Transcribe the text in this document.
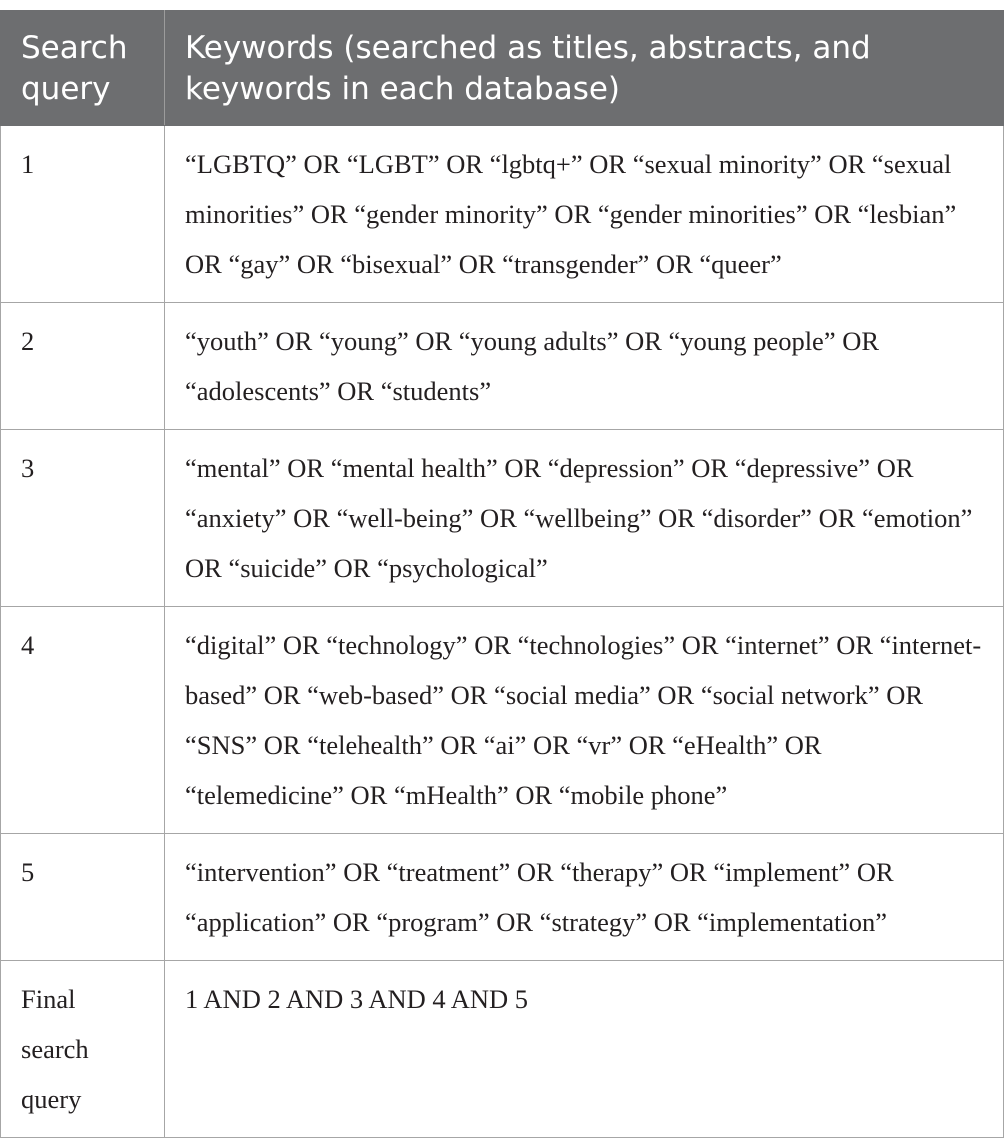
Search query	Keywords (searched as titles, abstracts, and keywords in each database)
1	“LGBTQ” OR “LGBT” OR “lgbtq+” OR “sexual minority” OR “sexual minorities” OR “gender minority” OR “gender minorities” OR “lesbian” OR “gay” OR “bisexual” OR “transgender” OR “queer”
2	“youth” OR “young” OR “young adults” OR “young people” OR “adolescents” OR “students”
3	“mental” OR “mental health” OR “depression” OR “depressive” OR “anxiety” OR “well-being” OR “wellbeing” OR “disorder” OR “emotion” OR “suicide” OR “psychological”
4	“digital” OR “technology” OR “technologies” OR “internet” OR “internet-based” OR “web-based” OR “social media” OR “social network” OR “SNS” OR “telehealth” OR “ai” OR “vr” OR “eHealth” OR “telemedicine” OR “mHealth” OR “mobile phone”
5	“intervention” OR “treatment” OR “therapy” OR “implement” OR “application” OR “program” OR “strategy” OR “implementation”
Final search query	1 AND 2 AND 3 AND 4 AND 5
